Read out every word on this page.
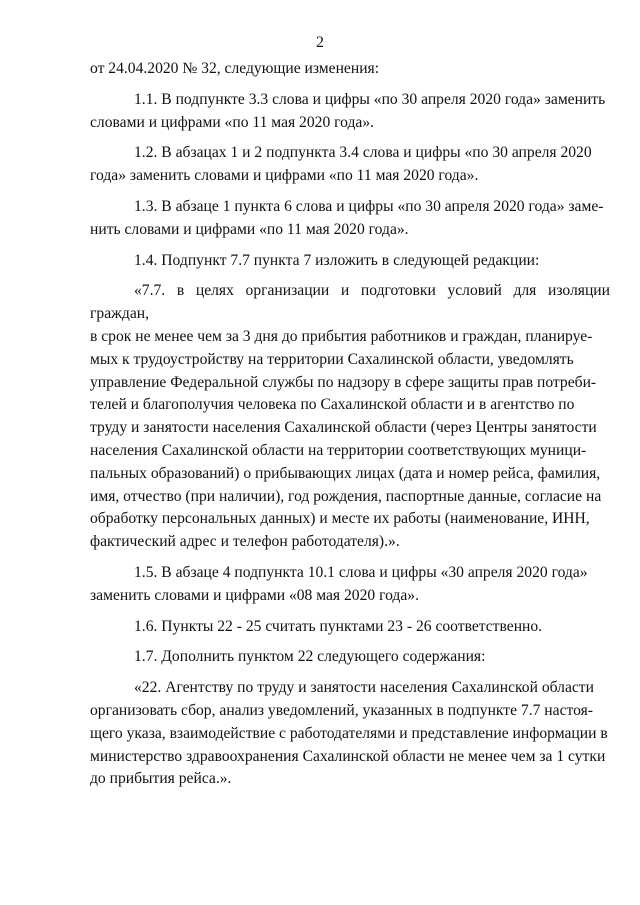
2

от 24.04.2020 № 32, следующие изменения:

1.1. В подпункте 3.3 слова и цифры «по 30 апреля 2020 года» заменить
словами и цифрами «по 11 мая 2020 года».

1.2. В абзацах 1 и 2 подпункта 3.4 слова и цифры «по 30 апреля 2020
года» заменить словами и цифрами «по 11 мая 2020 года».

1.3. В абзаце 1 пункта 6 слова и цифры «по 30 апреля 2020 года» заме-
нить словами и цифрами «по 11 мая 2020 года».

1.4. Подпункт 7.7 пункта 7 изложить в следующей редакции:

«7.7. в целях организации и подготовки условий для изоляции граждан,
в срок не менее чем за 3 дня до прибытия работников и граждан, планируе-
мых к трудоустройству на территории Сахалинской области, уведомлять
управление Федеральной службы по надзору в сфере защиты прав потреби-
телей и благополучия человека по Сахалинской области и в агентство по
труду и занятости населения Сахалинской области (через Центры занятости
населения Сахалинской области на территории соответствующих муници-
пальных образований) о прибывающих лицах (дата и номер рейса, фамилия,
имя, отчество (при наличии), год рождения, паспортные данные, согласие на
обработку персональных данных) и месте их работы (наименование, ИНН,
фактический адрес и телефон работодателя).».

1.5. В абзаце 4 подпункта 10.1 слова и цифры «30 апреля 2020 года»
заменить словами и цифрами «08 мая 2020 года».

1.6. Пункты 22 - 25 считать пунктами 23 - 26 соответственно.

1.7. Дополнить пунктом 22 следующего содержания:

«22. Агентству по труду и занятости населения Сахалинской области
организовать сбор, анализ уведомлений, указанных в подпункте 7.7 настоя-
щего указа, взаимодействие с работодателями и представление информации в
министерство здравоохранения Сахалинской области не менее чем за 1 сутки
до прибытия рейса.».
